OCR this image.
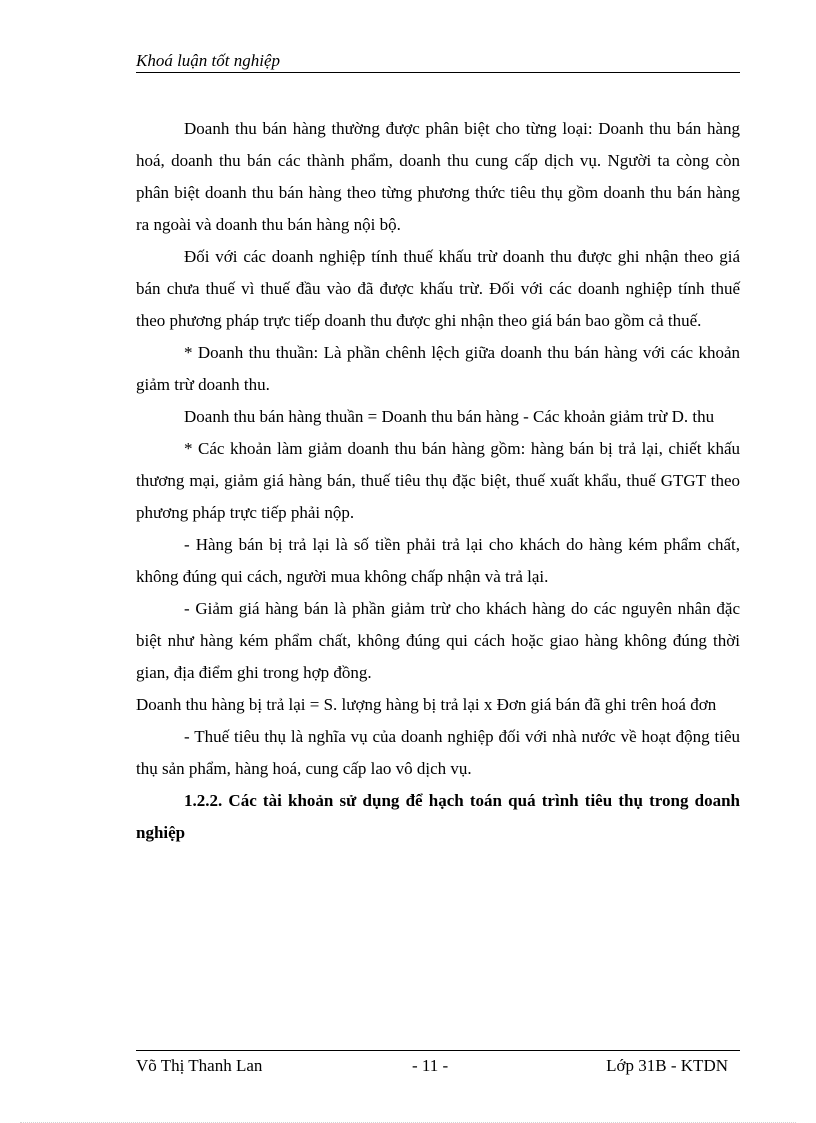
Khoá luận tốt nghiệp

Doanh thu bán hàng thường được phân biệt cho từng loại: Doanh thu bán hàng hoá, doanh thu bán các thành phẩm, doanh thu cung cấp dịch vụ. Người ta còng còn phân biệt doanh thu bán hàng theo từng phương thức tiêu thụ gồm doanh thu bán hàng ra ngoài và doanh thu bán hàng nội bộ.

Đối với các doanh nghiệp tính thuế khấu trừ doanh thu được ghi nhận theo giá bán chưa thuế vì thuế đầu vào đã được khấu trừ. Đối với các doanh nghiệp tính thuế theo phương pháp trực tiếp doanh thu được ghi nhận theo giá bán bao gồm cả thuế.

* Doanh thu thuần: Là phần chênh lệch giữa doanh thu bán hàng với các khoản giảm trừ doanh thu.

Doanh thu bán hàng thuần = Doanh thu bán hàng - Các khoản giảm trừ D. thu

* Các khoản làm giảm doanh thu bán hàng gồm: hàng bán bị trả lại, chiết khấu thương mại, giảm giá hàng bán, thuế tiêu thụ đặc biệt, thuế xuất khẩu, thuế GTGT theo phương pháp trực tiếp phải nộp.

- Hàng bán bị trả lại là số tiền phải trả lại cho khách do hàng kém phẩm chất, không đúng qui cách, người mua không chấp nhận và trả lại.

- Giảm giá hàng bán là phần giảm trừ cho khách hàng do các nguyên nhân đặc biệt như hàng kém phẩm chất, không đúng qui cách hoặc giao hàng không đúng thời gian, địa điểm ghi trong hợp đồng.

Doanh thu hàng bị trả lại = S. lượng hàng bị trả lại x Đơn giá bán đã ghi trên hoá đơn

- Thuế tiêu thụ là nghĩa vụ của doanh nghiệp đối với nhà nước về hoạt động tiêu thụ sản phẩm, hàng hoá, cung cấp lao vô dịch vụ.

1.2.2. Các tài khoản sử dụng để hạch toán quá trình tiêu thụ trong doanh nghiệp

Võ Thị Thanh Lan	- 11 -	Lớp 31B - KTDN
